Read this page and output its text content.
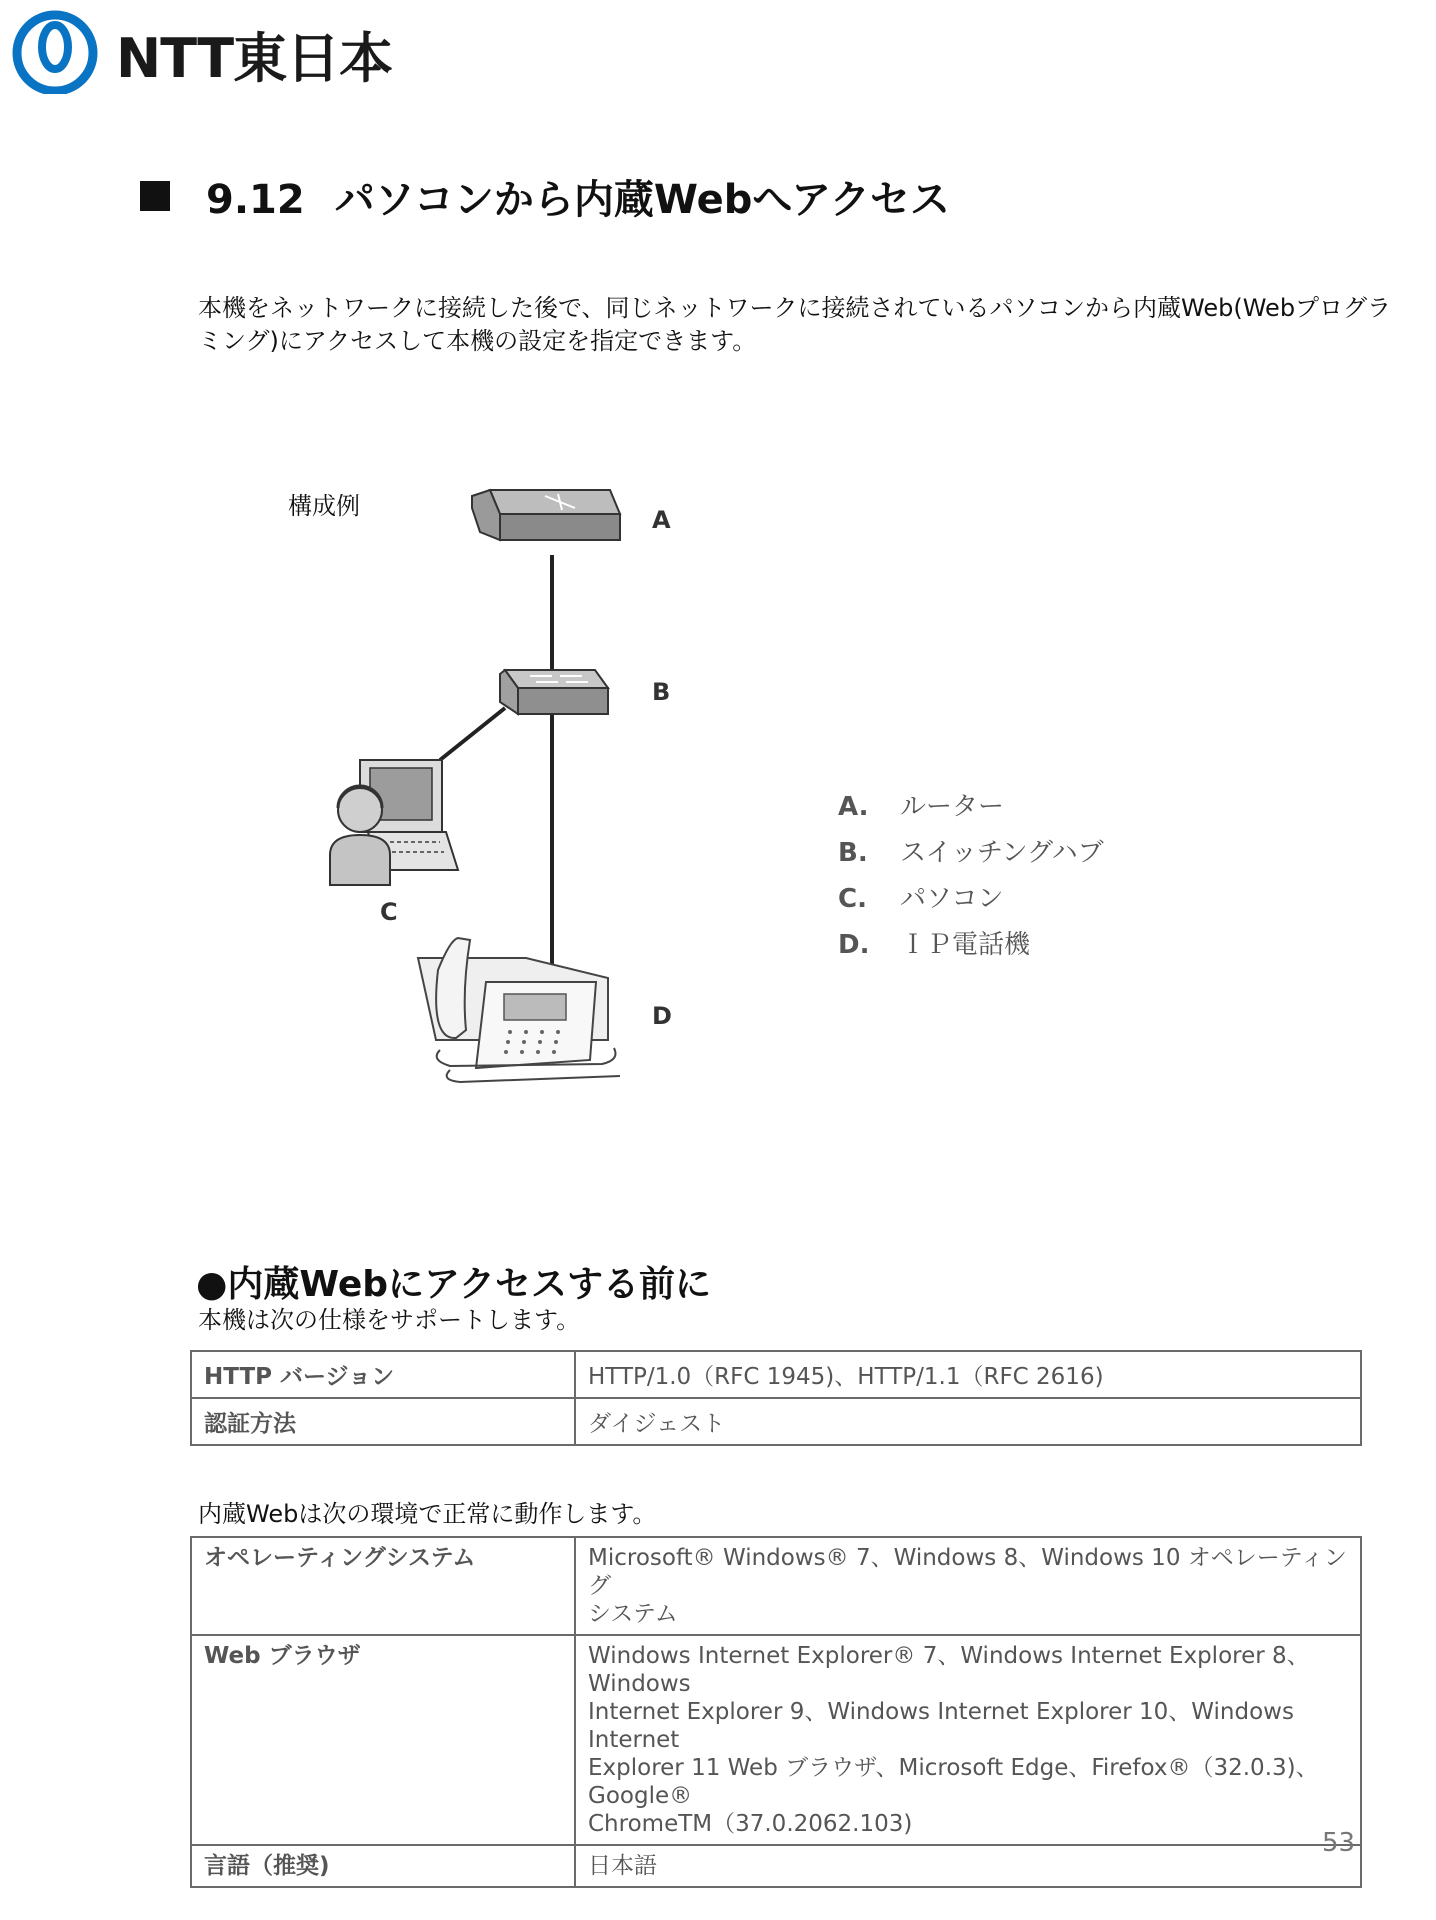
NTT東日本
9.12 パソコンから内蔵Webへアクセス
本機をネットワークに接続した後で、同じネットワークに接続されているパソコンから内蔵Web(Webプログラ
ミング)にアクセスして本機の設定を指定できます。
構成例	A
B
C
D
A. ルーター
B. スイッチングハブ
C. パソコン
D. ＩＰ電話機
●内蔵Webにアクセスする前に
本機は次の仕様をサポートします。
HTTP バージョン	HTTP/1.0（RFC 1945)、HTTP/1.1（RFC 2616)
認証方法	ダイジェスト
内蔵Webは次の環境で正常に動作します。
オペレーティングシステム	Microsoft® Windows® 7、Windows 8、Windows 10 オペレーティング
システム

Web ブラウザ	Windows Internet Explorer® 7、Windows Internet Explorer 8、Windows
Internet Explorer 9、Windows Internet Explorer 10、Windows Internet
Explorer 11 Web ブラウザ、Microsoft Edge、Firefox®（32.0.3)、Google®
ChromeTM（37.0.2062.103)

言語（推奨)	日本語
53
